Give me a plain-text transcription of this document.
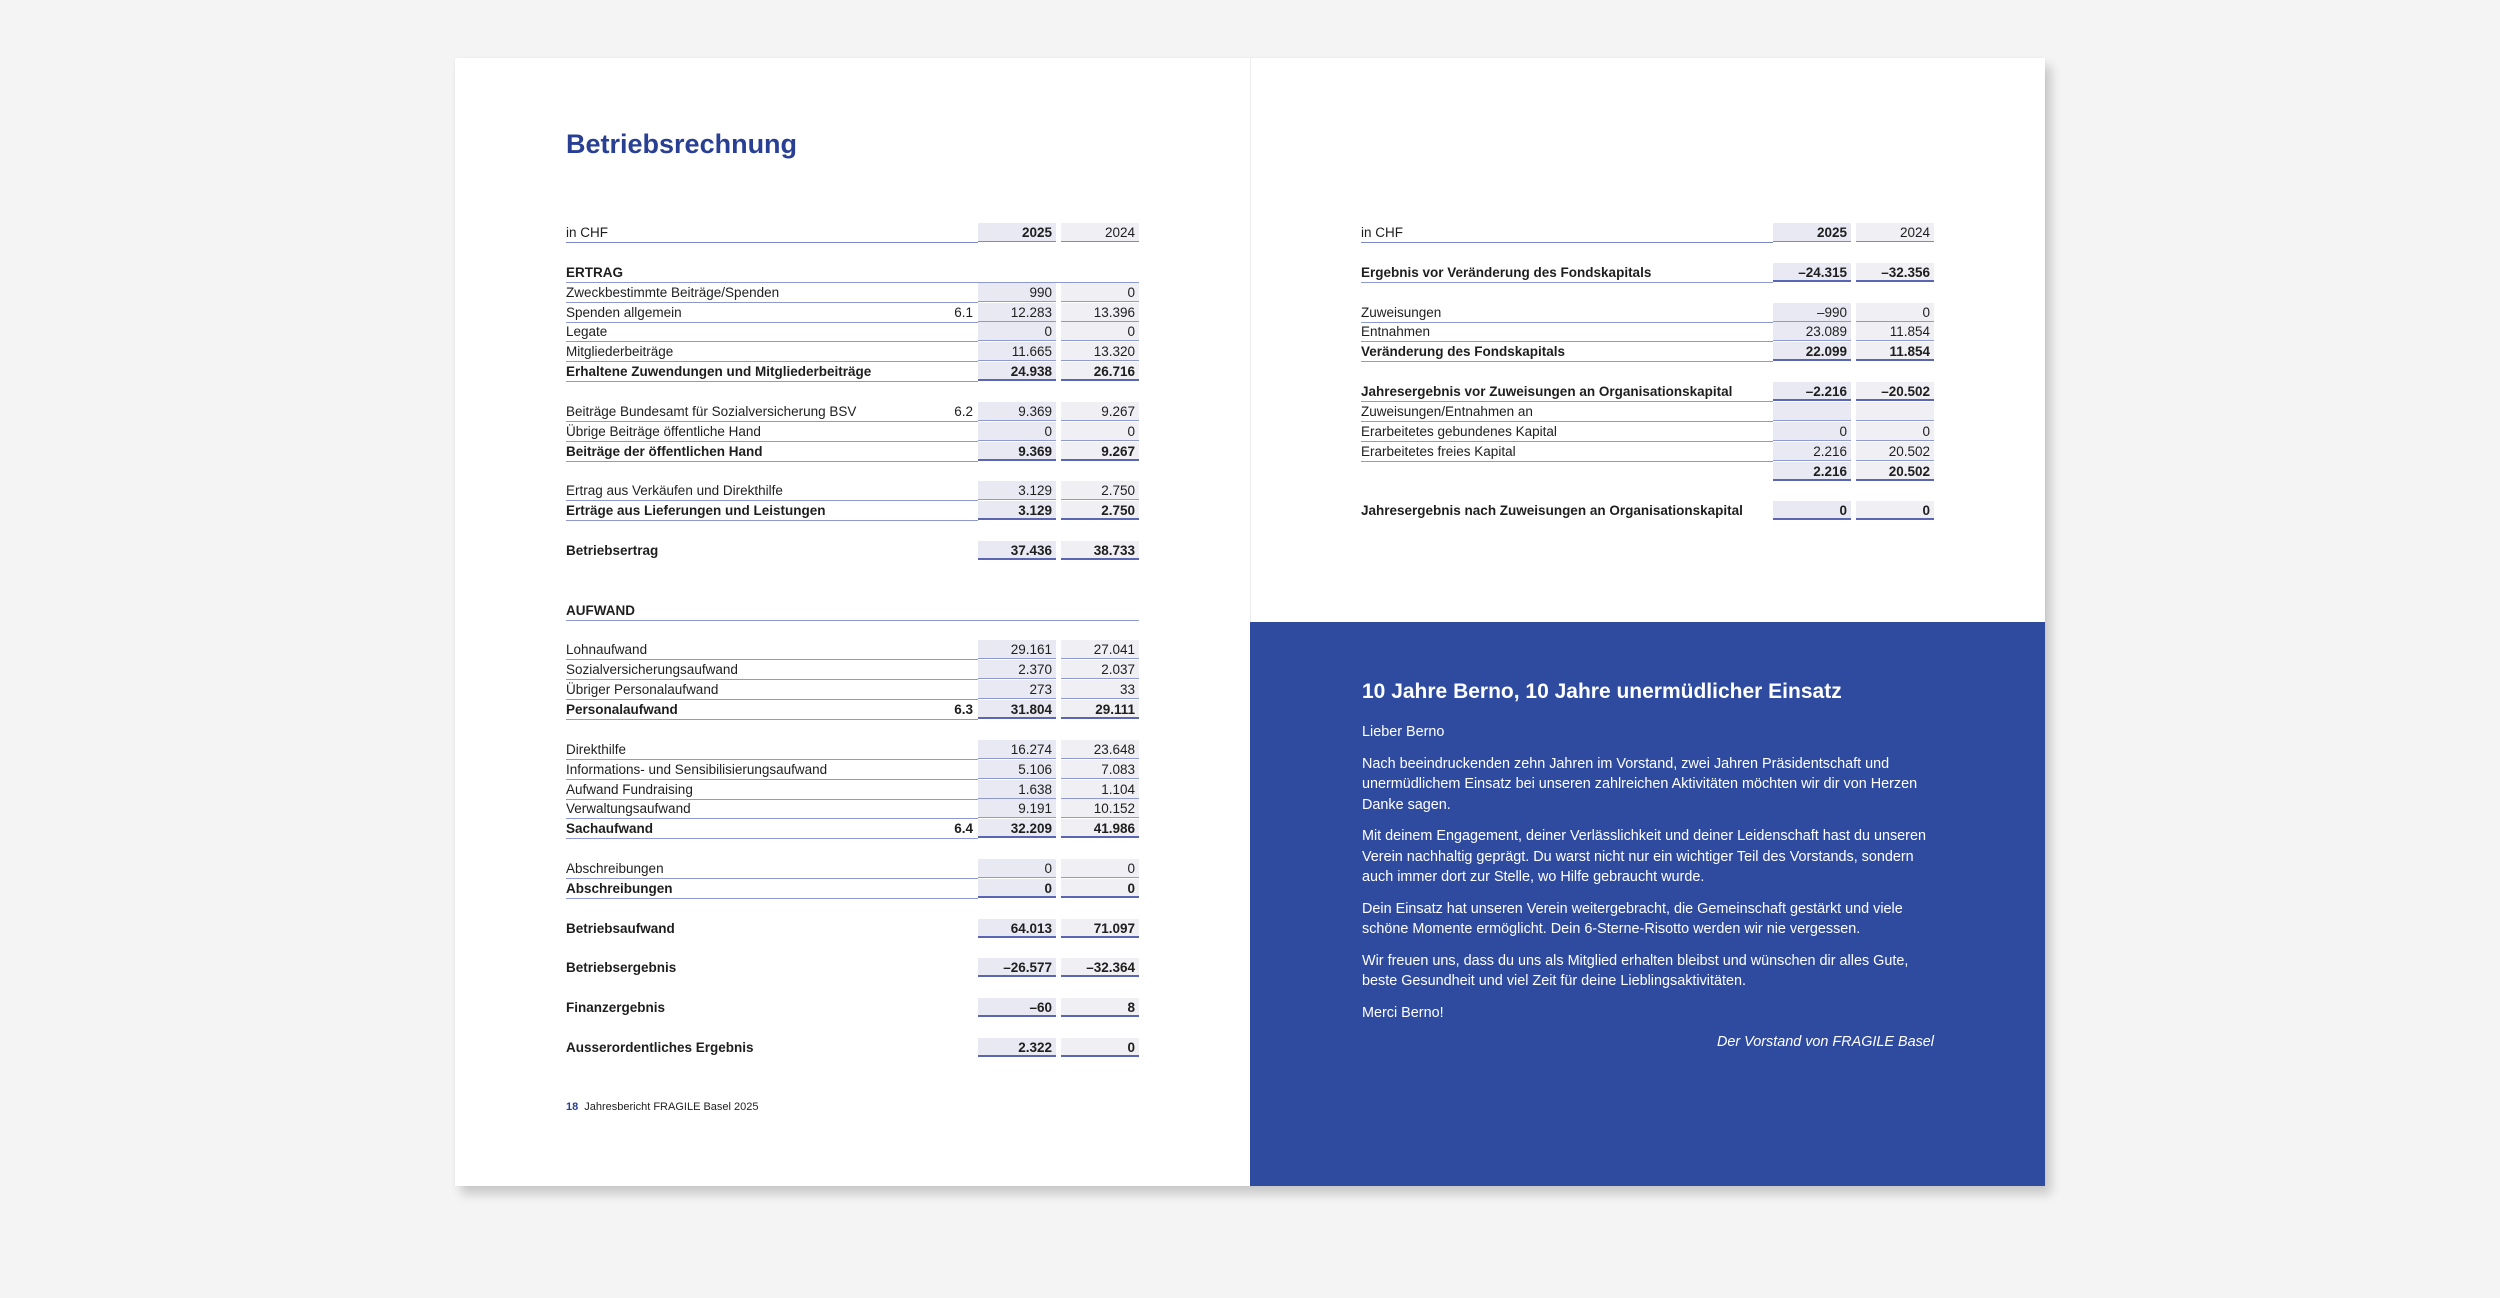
Betriebsrechnung
in CHF	2025	2024
ERTRAG
Zweckbestimmte Beiträge/Spenden	990	0
Spenden allgemein	6.1	12.283	13.396
Legate	0	0
Mitgliederbeiträge	11.665	13.320
Erhaltene Zuwendungen und Mitgliederbeiträge	24.938	26.716
Beiträge Bundesamt für Sozialversicherung BSV	6.2	9.369	9.267
Übrige Beiträge öffentliche Hand	0	0
Beiträge der öffentlichen Hand	9.369	9.267
Ertrag aus Verkäufen und Direkthilfe	3.129	2.750
Erträge aus Lieferungen und Leistungen	3.129	2.750
Betriebsertrag	37.436	38.733
AUFWAND
Lohnaufwand	29.161	27.041
Sozialversicherungsaufwand	2.370	2.037
Übriger Personalaufwand	273	33
Personalaufwand	6.3	31.804	29.111
Direkthilfe	16.274	23.648
Informations- und Sensibilisierungsaufwand	5.106	7.083
Aufwand Fundraising	1.638	1.104
Verwaltungsaufwand	9.191	10.152
Sachaufwand	6.4	32.209	41.986
Abschreibungen	0	0
Abschreibungen	0	0
Betriebsaufwand	64.013	71.097
Betriebsergebnis	–26.577	–32.364
Finanzergebnis	–60	8
Ausserordentliches Ergebnis	2.322	0
in CHF	2025	2024
Ergebnis vor Veränderung des Fondskapitals	–24.315	–32.356
Zuweisungen	–990	0
Entnahmen	23.089	11.854
Veränderung des Fondskapitals	22.099	11.854
Jahresergebnis vor Zuweisungen an Organisationskapital	–2.216	–20.502
Zuweisungen/Entnahmen an
Erarbeitetes gebundenes Kapital	0	0
Erarbeitetes freies Kapital	2.216	20.502
2.216	20.502
Jahresergebnis nach Zuweisungen an Organisationskapital	0	0
18 Jahresbericht FRAGILE Basel 2025
10 Jahre Berno, 10 Jahre unermüdlicher Einsatz

Lieber Berno

Nach beeindruckenden zehn Jahren im Vorstand, zwei Jahren Präsidentschaft und unermüdlichem Einsatz bei unseren zahlreichen Aktivitäten möchten wir dir von Herzen Danke sagen.

Mit deinem Engagement, deiner Verlässlichkeit und deiner Leidenschaft hast du unseren Verein nachhaltig geprägt. Du warst nicht nur ein wichtiger Teil des Vorstands, sondern auch immer dort zur Stelle, wo Hilfe gebraucht wurde.

Dein Einsatz hat unseren Verein weitergebracht, die Gemeinschaft gestärkt und viele schöne Momente ermöglicht. Dein 6-Sterne-Risotto werden wir nie vergessen.

Wir freuen uns, dass du uns als Mitglied erhalten bleibst und wünschen dir alles Gute, beste Gesundheit und viel Zeit für deine Lieblingsaktivitäten.

Merci Berno!

Der Vorstand von FRAGILE Basel
